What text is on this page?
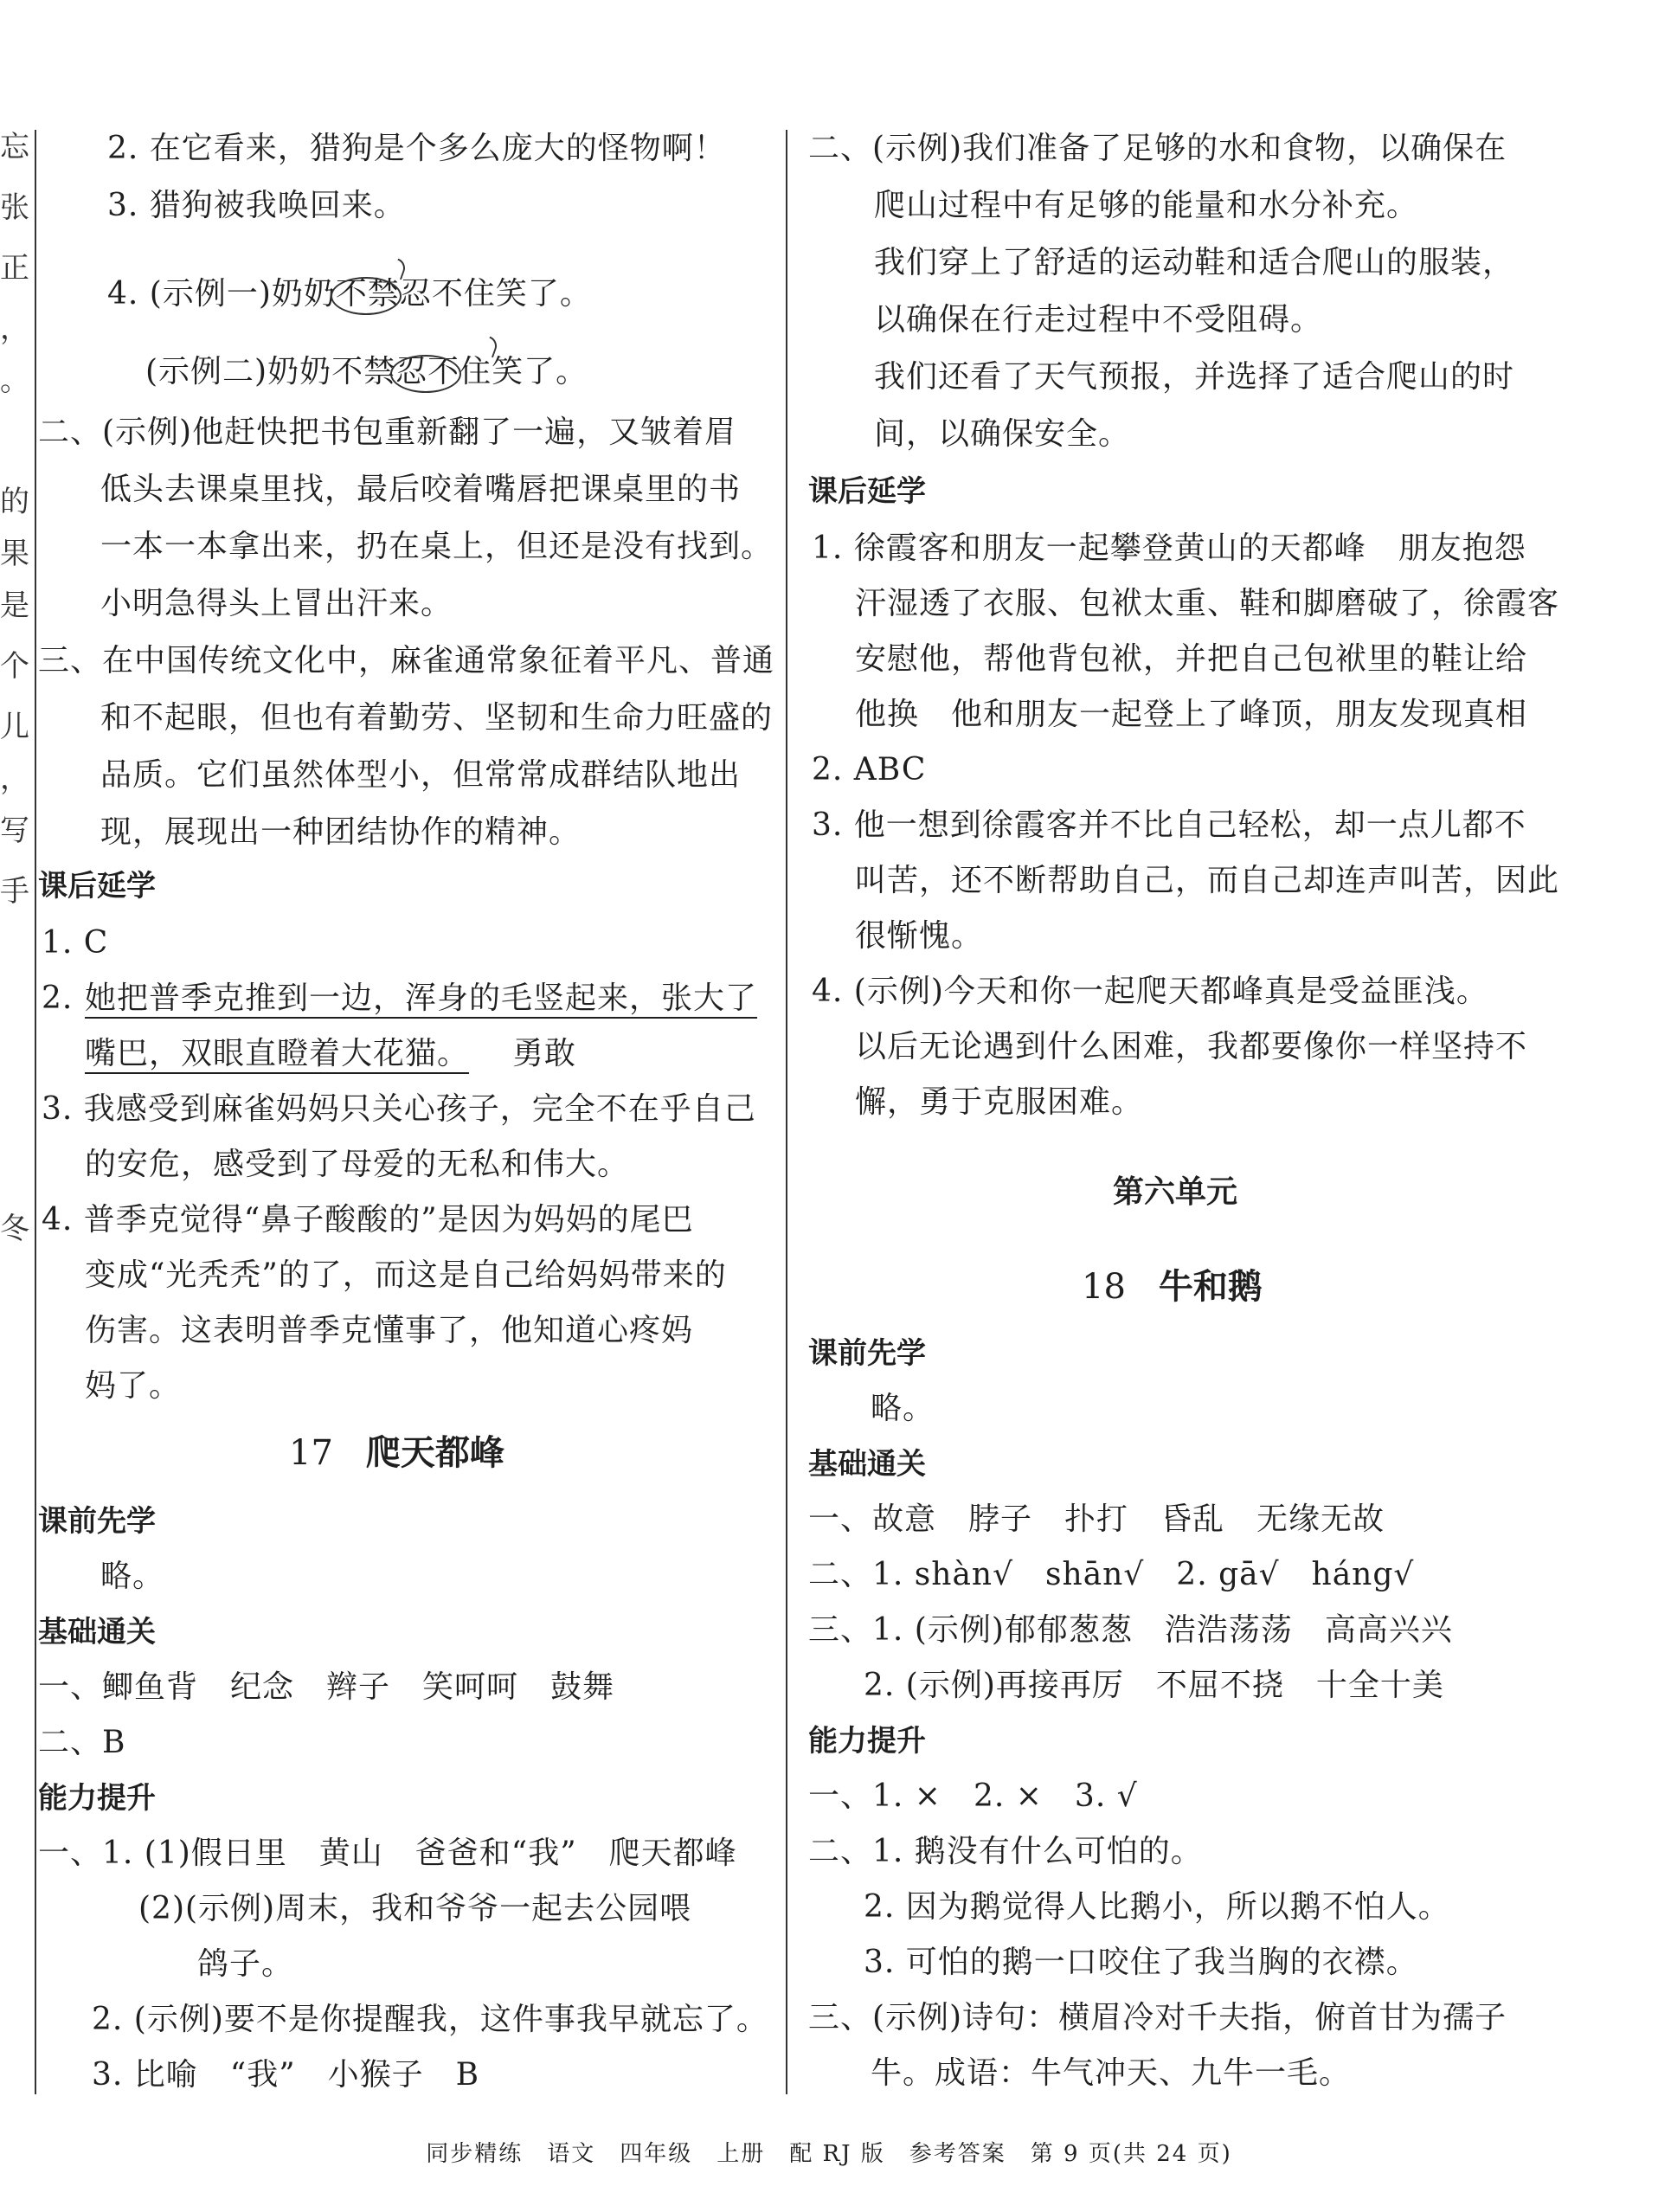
忘
张
正
，
。
的
果
是
个
儿
，
写
手
冬
2. 在它看来，猎狗是个多么庞大的怪物啊！
3. 猎狗被我唤回来。
4. (示例一)奶奶不禁忍不住笑了。
(示例二)奶奶不禁忍不住笑了。
二、(示例)他赶快把书包重新翻了一遍，又皱着眉
低头去课桌里找，最后咬着嘴唇把课桌里的书
一本一本拿出来，扔在桌上，但还是没有找到。
小明急得头上冒出汗来。
三、在中国传统文化中，麻雀通常象征着平凡、普通
和不起眼，但也有着勤劳、坚韧和生命力旺盛的
品质。它们虽然体型小，但常常成群结队地出
现，展现出一种团结协作的精神。
课后延学
1. C
2. 她把普季克推到一边，浑身的毛竖起来，张大了
嘴巴，双眼直瞪着大花猫。 勇敢
3. 我感受到麻雀妈妈只关心孩子，完全不在乎自己
的安危，感受到了母爱的无私和伟大。
4. 普季克觉得“鼻子酸酸的”是因为妈妈的尾巴
变成“光秃秃”的了，而这是自己给妈妈带来的
伤害。这表明普季克懂事了，他知道心疼妈
妈了。
17 爬天都峰
课前先学
略。
基础通关
一、鲫鱼背　纪念　辫子　笑呵呵　鼓舞
二、B
能力提升
一、1. (1)假日里　黄山　爸爸和“我”　爬天都峰
(2)(示例)周末，我和爷爷一起去公园喂
鸽子。
2. (示例)要不是你提醒我，这件事我早就忘了。
3. 比喻　“我”　小猴子　B
二、(示例)我们准备了足够的水和食物，以确保在
爬山过程中有足够的能量和水分补充。
我们穿上了舒适的运动鞋和适合爬山的服装，
以确保在行走过程中不受阻碍。
我们还看了天气预报，并选择了适合爬山的时
间，以确保安全。
课后延学
1. 徐霞客和朋友一起攀登黄山的天都峰　朋友抱怨
汗湿透了衣服、包袱太重、鞋和脚磨破了，徐霞客
安慰他，帮他背包袱，并把自己包袱里的鞋让给
他换　他和朋友一起登上了峰顶，朋友发现真相
2. ABC
3. 他一想到徐霞客并不比自己轻松，却一点儿都不
叫苦，还不断帮助自己，而自己却连声叫苦，因此
很惭愧。
4. (示例)今天和你一起爬天都峰真是受益匪浅。
以后无论遇到什么困难，我都要像你一样坚持不
懈，勇于克服困难。
第六单元
18 牛和鹅
课前先学
略。
基础通关
一、故意　脖子　扑打　昏乱　无缘无故
二、1. shàn√　shān√　2. gā√　háng√
三、1. (示例)郁郁葱葱　浩浩荡荡　高高兴兴
2. (示例)再接再厉　不屈不挠　十全十美
能力提升
一、1. ×　2. ×　3. √
二、1. 鹅没有什么可怕的。
2. 因为鹅觉得人比鹅小，所以鹅不怕人。
3. 可怕的鹅一口咬住了我当胸的衣襟。
三、(示例)诗句：横眉冷对千夫指，俯首甘为孺子
牛。成语：牛气冲天、九牛一毛。
同步精练　语文　四年级　上册　配 RJ 版　参考答案　第 9 页(共 24 页)
